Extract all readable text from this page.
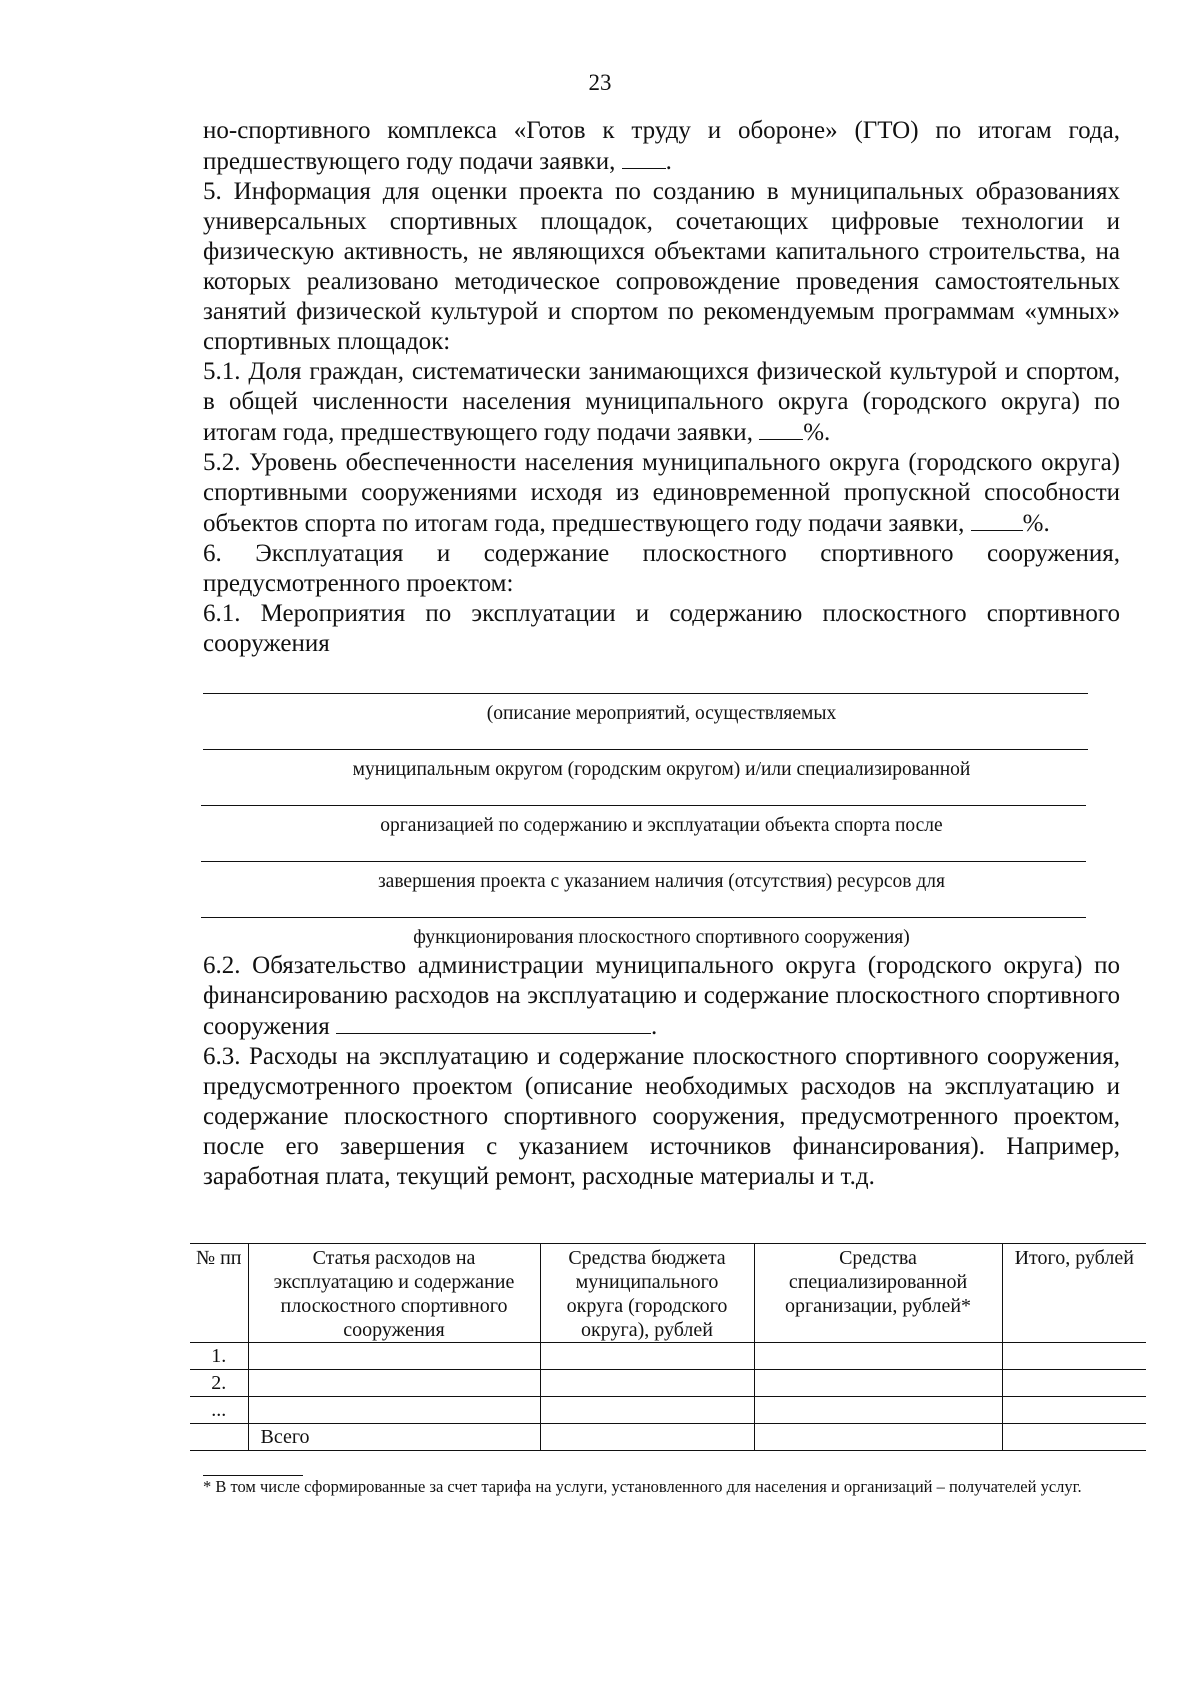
23

но-спортивного комплекса «Готов к труду и обороне» (ГТО) по итогам года, предшествующего году подачи заявки, .

5. Информация для оценки проекта по созданию в муниципальных образованиях универсальных спортивных площадок, сочетающих цифровые технологии и физическую активность, не являющихся объектами капитального строительства, на которых реализовано методическое сопровождение проведения самостоятельных занятий физической культурой и спортом по рекомендуемым программам «умных» спортивных площадок:

5.1. Доля граждан, систематически занимающихся физической культурой и спортом, в общей численности населения муниципального округа (городского округа) по итогам года, предшествующего году подачи заявки, %.

5.2. Уровень обеспеченности населения муниципального округа (городского округа) спортивными сооружениями исходя из единовременной пропускной способности объектов спорта по итогам года, предшествующего году подачи заявки, %.

6. Эксплуатация и содержание плоскостного спортивного сооружения, предусмотренного проектом:

6.1. Мероприятия по эксплуатации и содержанию плоскостного спортивного сооружения

(описание мероприятий, осуществляемых
муниципальным округом (городским округом) и/или специализированной
организацией по содержанию и эксплуатации объекта спорта после
завершения проекта с указанием наличия (отсутствия) ресурсов для
функционирования плоскостного спортивного сооружения)

6.2. Обязательство администрации муниципального округа (городского округа) по финансированию расходов на эксплуатацию и содержание плоскостного спортивного сооружения	.

6.3. Расходы на эксплуатацию и содержание плоскостного спортивного сооружения, предусмотренного проектом (описание необходимых расходов на эксплуатацию и содержание плоскостного спортивного сооружения, предусмотренного проектом, после его завершения с указанием источников финансирования). Например, заработная плата, текущий ремонт, расходные материалы и т.д.

№ пп	Статья расходов на эксплуатацию и содержание плоскостного спортивного сооружения	Средства бюджета муниципального округа (городского округа), рублей	Средства специализированной организации, рублей*	Итого, рублей
1.				
2.				
...				
	Всего			
* В том числе сформированные за счет тарифа на услуги, установленного для населения и организаций – получателей услуг.
